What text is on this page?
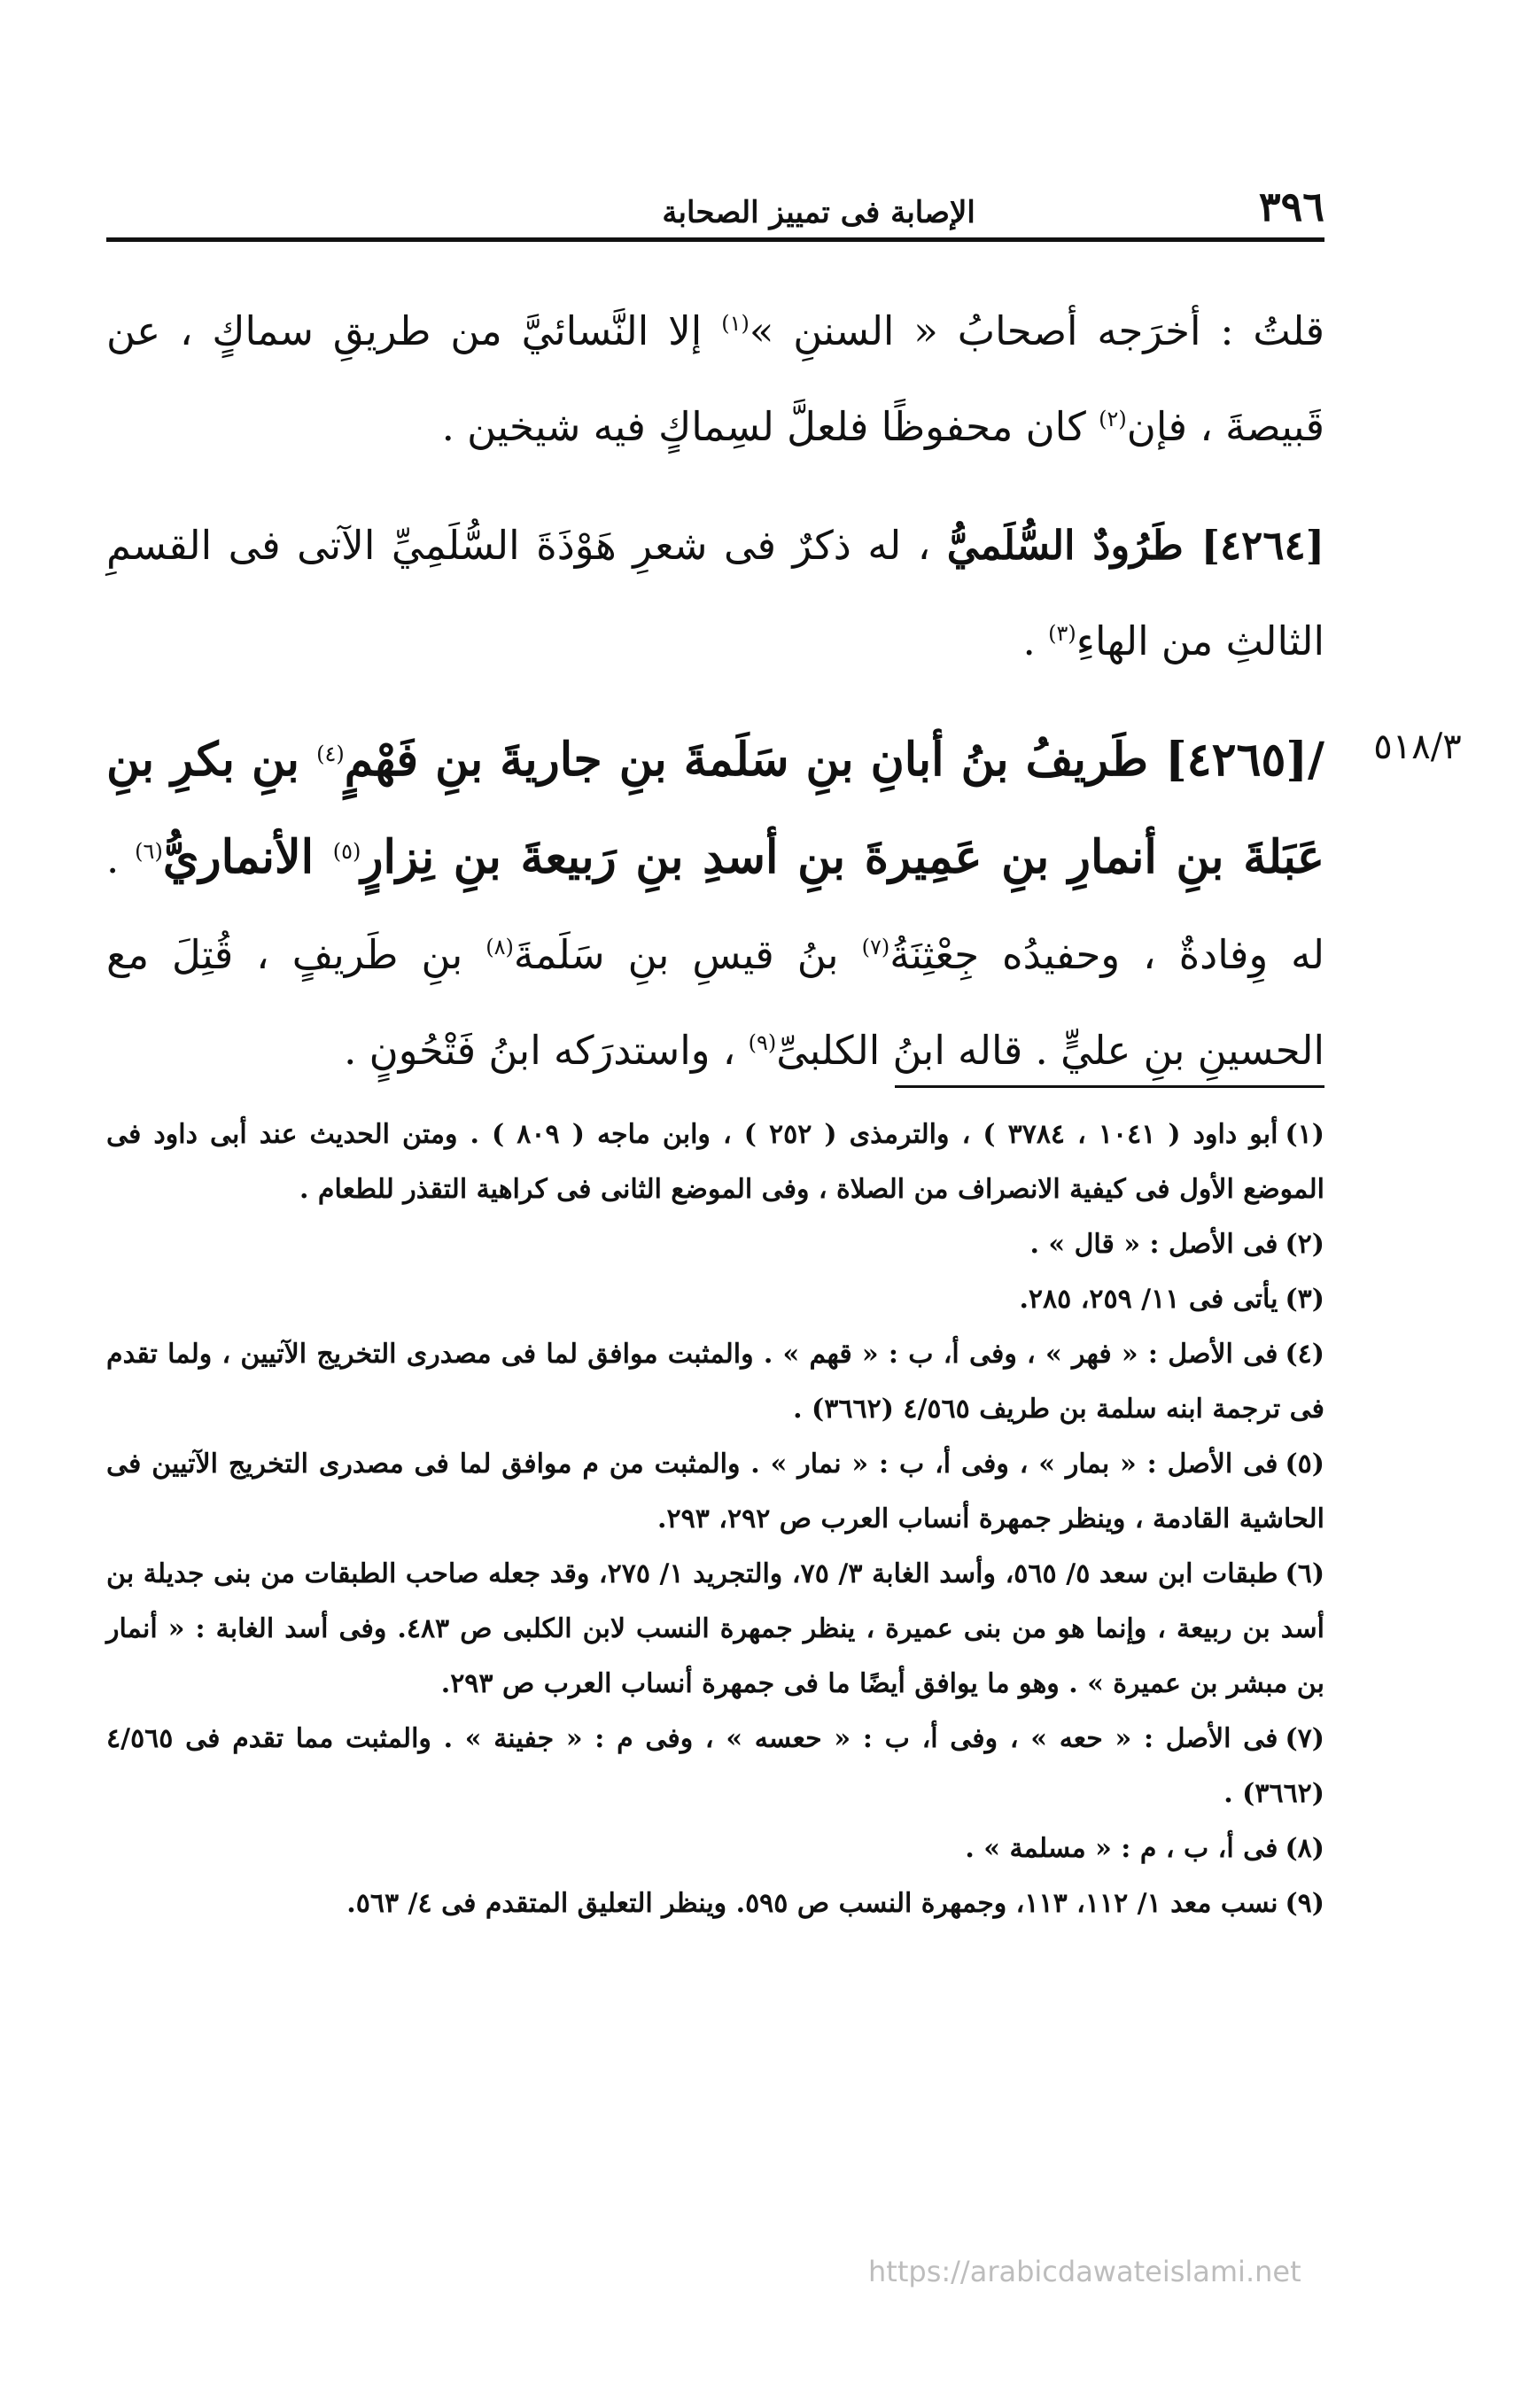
٣٩٦
الإصابة فى تمييز الصحابة

قلتُ : أخرَجه أصحابُ « السننِ »$^{(١)}$ إلا النَّسائيَّ من طريقِ سماكٍ ، عن قَبيصةَ ، فإن$^{(٢)}$ كان محفوظًا فلعلَّ لسِماكٍ فيه شيخين .

[٤٢٦٤] طَرُودٌ السُّلَميُّ ، له ذكرٌ فى شعرِ هَوْذَةَ السُّلَمِيِّ الآتى فى القسمِ الثالثِ من الهاءِ$^{(٣)}$ .

/[٤٢٦٥] طَريفُ بنُ أبانِ بنِ سَلَمةَ بنِ جاريةَ بنِ فَهْمٍ$^{(٤)}$ بنِ بكرِ بنِ عَبَلةَ بنِ أنمارِ بنِ عَمِيرةَ بنِ أسدِ بنِ رَبيعةَ بنِ نِزارٍ$^{(٥)}$ الأنماريُّ$^{(٦)}$ . له وِفادةٌ ، وحفيدُه جِعْثِنَةُ$^{(٧)}$ بنُ قيسِ بنِ سَلَمةَ$^{(٨)}$ بنِ طَريفٍ ، قُتِلَ مع الحسينِ بنِ عليٍّ . قاله ابنُ الكلبىِّ$^{(٩)}$ ، واستدرَكه ابنُ فَتْحُونٍ .

٥١٨/٣
(١)أبو داود ( ١٠٤١ ، ٣٧٨٤ ) ، والترمذى ( ٢٥٢ ) ، وابن ماجه ( ٨٠٩ ) . ومتن الحديث عند أبى داود فى الموضع الأول فى كيفية الانصراف من الصلاة ، وفى الموضع الثانى فى كراهية التقذر للطعام .
(٢)فى الأصل : « قال » .
(٣)يأتى فى ١١/ ٢٥٩، ٢٨٥.
(٤)فى الأصل : « فهر » ، وفى أ، ب : « قهم » . والمثبت موافق لما فى مصدرى التخريج الآتيين ، ولما تقدم فى ترجمة ابنه سلمة بن طريف ٤/٥٦٥ (٣٦٦٢) .
(٥)فى الأصل : « بمار » ، وفى أ، ب : « نمار » . والمثبت من م موافق لما فى مصدرى التخريج الآتيين فى الحاشية القادمة ، وينظر جمهرة أنساب العرب ص ٢٩٢، ٢٩٣.
(٦)طبقات ابن سعد ٥/ ٥٦٥، وأسد الغابة ٣/ ٧٥، والتجريد ١/ ٢٧٥، وقد جعله صاحب الطبقات من بنى جديلة بن أسد بن ربيعة ، وإنما هو من بنى عميرة ، ينظر جمهرة النسب لابن الكلبى ص ٤٨٣. وفى أسد الغابة : « أنمار بن مبشر بن عميرة » . وهو ما يوافق أيضًا ما فى جمهرة أنساب العرب ص ٢٩٣.
(٧)فى الأصل : « حعه » ، وفى أ، ب : « حعسه » ، وفى م : « جفينة » . والمثبت مما تقدم فى ٤/٥٦٥ (٣٦٦٢) .
(٨)فى أ، ب ، م : « مسلمة » .
(٩)نسب معد ١/ ١١٢، ١١٣، وجمهرة النسب ص ٥٩٥. وينظر التعليق المتقدم فى ٤/ ٥٦٣.
https://arabicdawateislami.net
